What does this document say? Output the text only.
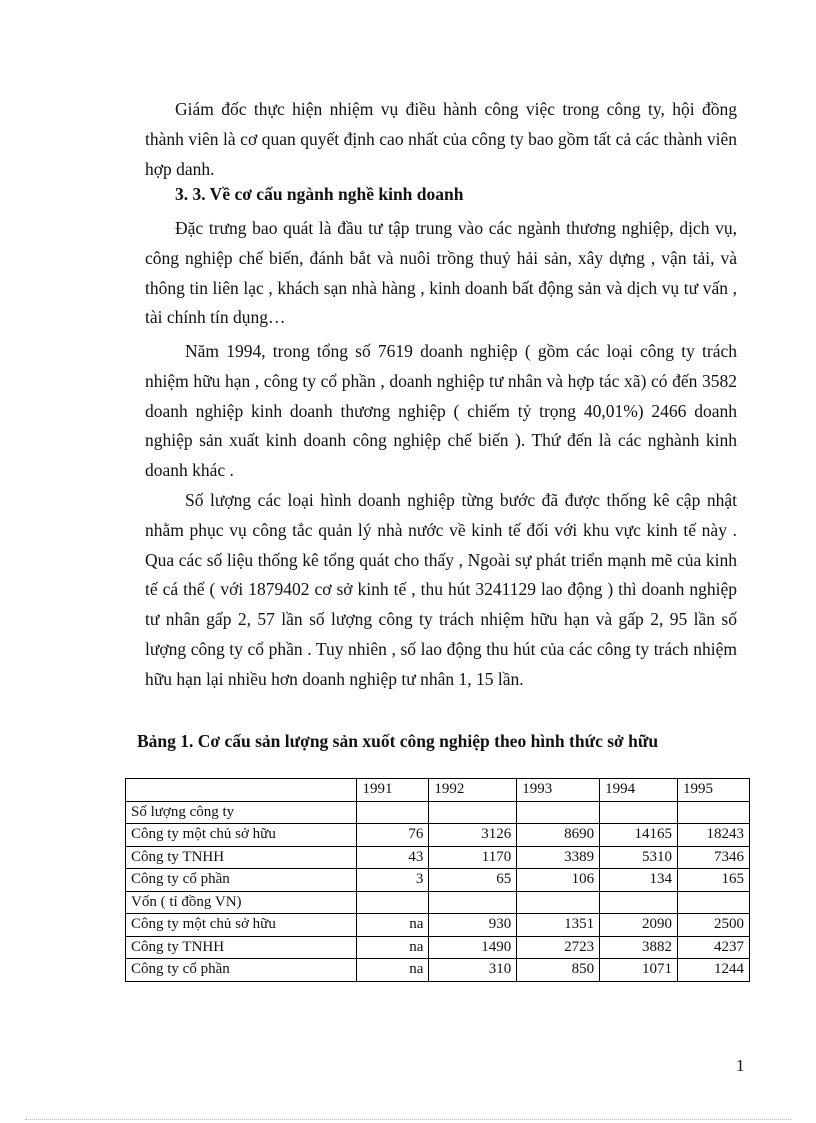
Giám đốc thực hiện nhiệm vụ điều hành công việc trong công ty, hội đồng thành viên là cơ quan quyết định cao nhất của công ty bao gồm tất cả các thành viên hợp danh.

3. 3. Về cơ cấu ngành nghề kinh doanh

Đặc trưng bao quát là đầu tư tập trung vào các ngành thương nghiệp, dịch vụ, công nghiệp chế biến, đánh bắt và nuôi trồng thuỷ hải sản, xây dựng , vận tải, và thông tin liên lạc , khách sạn nhà hàng , kinh doanh bất động sản và dịch vụ tư vấn , tài chính tín dụng…

Năm 1994, trong tổng số 7619 doanh nghiệp ( gồm các loại công ty trách nhiệm hữu hạn , công ty cổ phần , doanh nghiệp tư nhân và hợp tác xã) có đến 3582 doanh nghiệp kinh doanh thương nghiệp ( chiếm tỷ trọng 40,01%) 2466 doanh nghiệp sản xuất kinh doanh công nghiệp chế biến ). Thứ đến là các nghành kinh doanh khác .

Số lượng các loại hình doanh nghiệp từng bước đã được thống kê cập nhật nhằm phục vụ công tắc quản lý nhà nước về kinh tế đối với khu vực kinh tế này . Qua các số liệu thống kê tổng quát cho thấy , Ngoài sự phát triển mạnh mẽ của kinh tế cá thể ( với 1879402 cơ sở kinh tế , thu hút 3241129 lao động ) thì doanh nghiệp tư nhân gấp 2, 57 lần số lượng công ty trách nhiệm hữu hạn và gấp 2, 95 lần số lượng công ty cổ phần . Tuy nhiên , số lao động thu hút của các công ty trách nhiệm hữu hạn lại nhiều hơn doanh nghiệp tư nhân 1, 15 lần.

Bảng 1. Cơ cấu sản lượng sản xuốt công nghiệp theo hình thức sở hữu

	1991	1992	1993	1994	1995
Số lượng công ty					
Công ty một chủ sở hữu	76	3126	8690	14165	18243
Công ty TNHH	43	1170	3389	5310	7346
Công ty cổ phần	3	65	106	134	165
Vốn ( tỉ đồng VN)					
Công ty một chủ sở hữu	na	930	1351	2090	2500
Công ty TNHH	na	1490	2723	3882	4237
Công ty cổ phần	na	310	850	1071	1244
1
